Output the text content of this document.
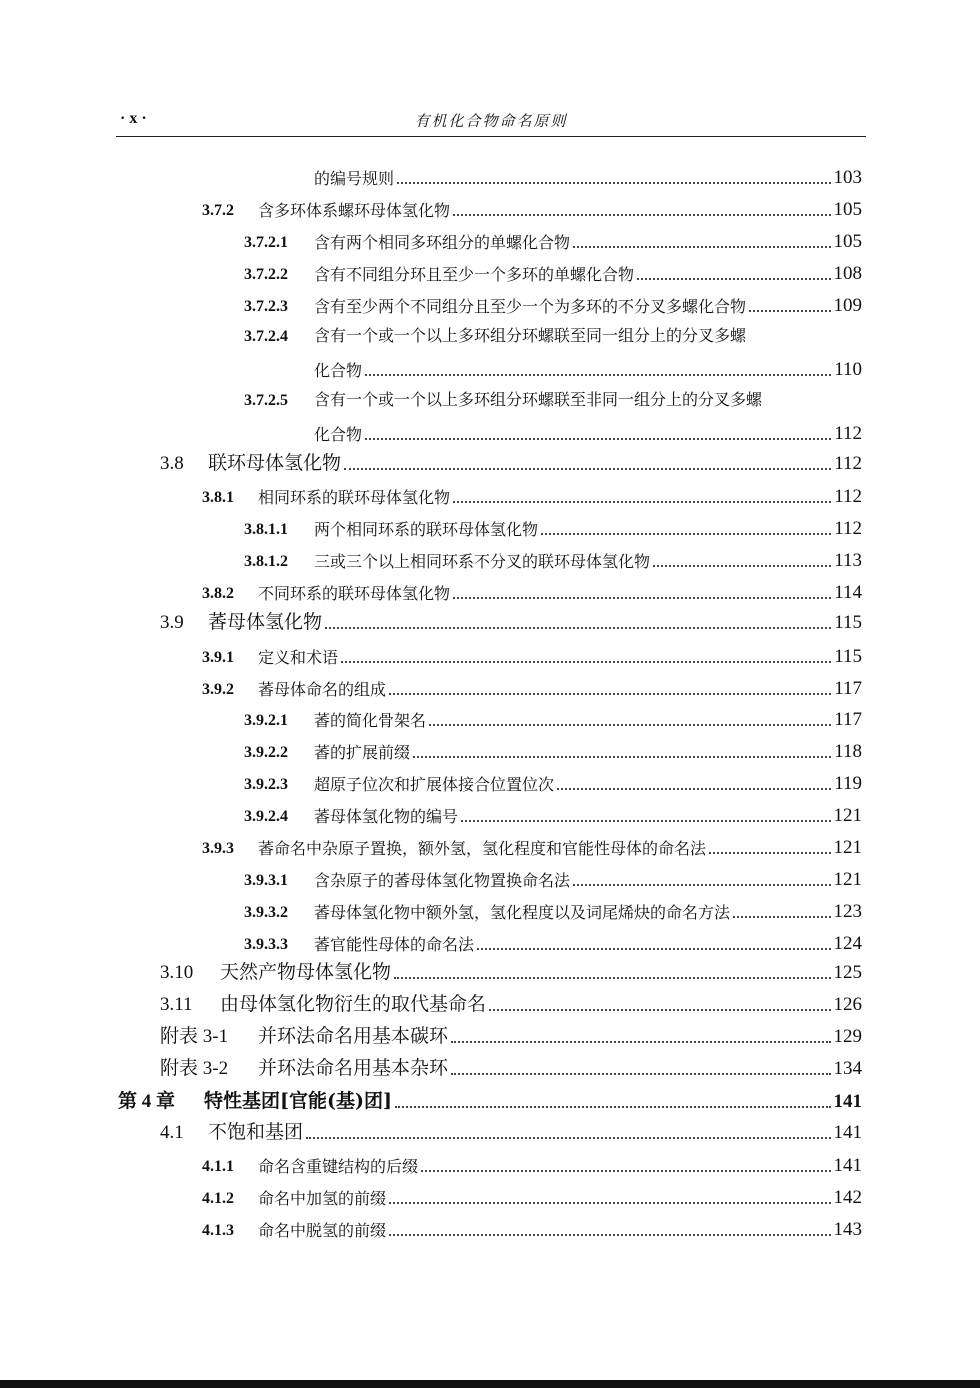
· x ·	有机化合物命名原则
的编号规则	103
3.7.2	含多环体系螺环母体氢化物	105
3.7.2.1	含有两个相同多环组分的单螺化合物	105
3.7.2.2	含有不同组分环且至少一个多环的单螺化合物	108
3.7.2.3	含有至少两个不同组分且至少一个为多环的不分叉多螺化合物	109
3.7.2.4 含有一个或一个以上多环组分环螺联至同一组分上的分叉多螺
化合物	110
3.7.2.5 含有一个或一个以上多环组分环螺联至非同一组分上的分叉多螺
化合物	112
3.8	联环母体氢化物	112
3.8.1	相同环系的联环母体氢化物	112
3.8.1.1	两个相同环系的联环母体氢化物	112
3.8.1.2	三或三个以上相同环系不分叉的联环母体氢化物	113
3.8.2	不同环系的联环母体氢化物	114
3.9	萫母体氢化物	115
3.9.1	定义和术语	115
3.9.2	萫母体命名的组成	117
3.9.2.1	萫的简化骨架名	117
3.9.2.2	萫的扩展前缀	118
3.9.2.3	超原子位次和扩展体接合位置位次	119
3.9.2.4	萫母体氢化物的编号	121
3.9.3	萫命名中杂原子置换，额外氢，氢化程度和官能性母体的命名法	121
3.9.3.1	含杂原子的萫母体氢化物置换命名法	121
3.9.3.2	萫母体氢化物中额外氢，氢化程度以及词尾烯炔的命名方法	123
3.9.3.3	萫官能性母体的命名法	124
3.10	天然产物母体氢化物	125
3.11	由母体氢化物衍生的取代基命名	126
附表 3-1	并环法命名用基本碳环	129
附表 3-2	并环法命名用基本杂环	134
第 4 章	特性基团[官能(基)团]	141
4.1	不饱和基团	141
4.1.1	命名含重键结构的后缀	141
4.1.2	命名中加氢的前缀	142
4.1.3	命名中脱氢的前缀	143
